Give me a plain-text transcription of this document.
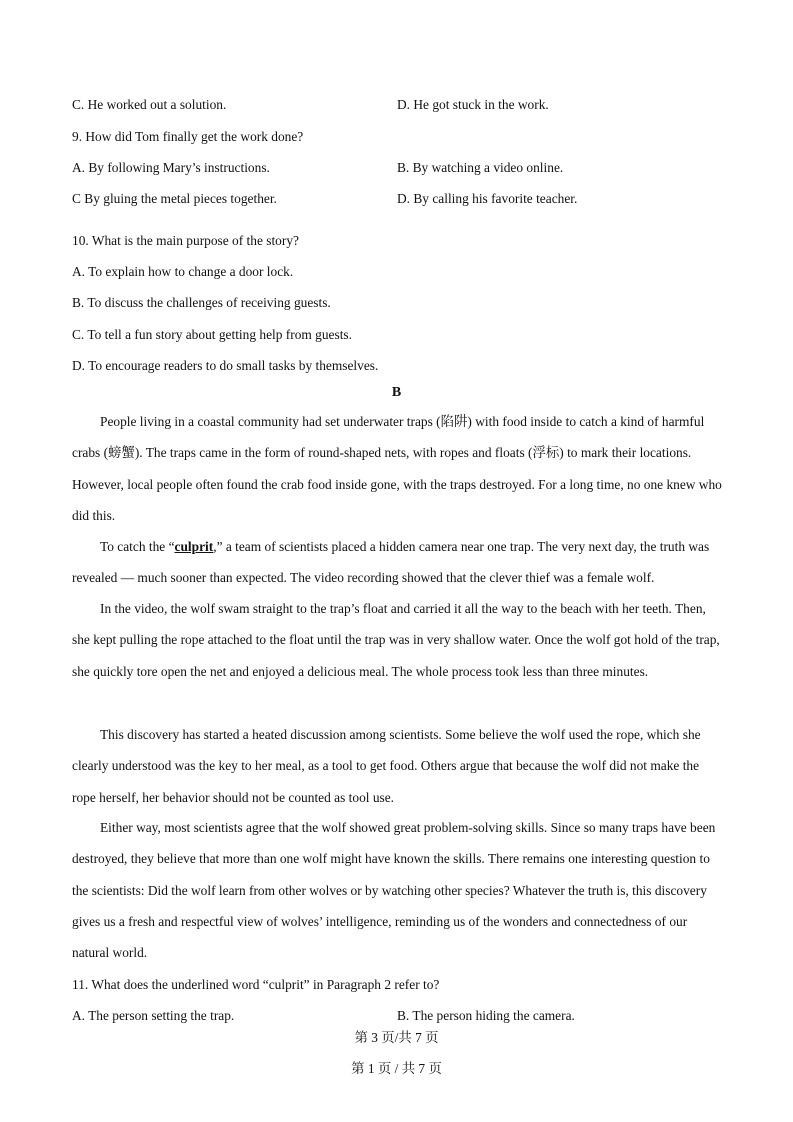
C. He worked out a solution.	D. He got stuck in the work.
9. How did Tom finally get the work done?
A. By following Mary’s instructions.	B. By watching a video online.
C By gluing the metal pieces together.	D. By calling his favorite teacher.
10. What is the main purpose of the story?
A. To explain how to change a door lock.
B. To discuss the challenges of receiving guests.
C. To tell a fun story about getting help from guests.
D. To encourage readers to do small tasks by themselves.
B
People living in a coastal community had set underwater traps (陷阱) with food inside to catch a kind of harmful crabs (螃蟹). The traps came in the form of round-shaped nets, with ropes and floats (浮标) to mark their locations. However, local people often found the crab food inside gone, with the traps destroyed. For a long time, no one knew who did this.
To catch the “culprit,” a team of scientists placed a hidden camera near one trap. The very next day, the truth was revealed — much sooner than expected. The video recording showed that the clever thief was a female wolf.
In the video, the wolf swam straight to the trap’s float and carried it all the way to the beach with her teeth. Then, she kept pulling the rope attached to the float until the trap was in very shallow water. Once the wolf got hold of the trap, she quickly tore open the net and enjoyed a delicious meal. The whole process took less than three minutes.
This discovery has started a heated discussion among scientists. Some believe the wolf used the rope, which she clearly understood was the key to her meal, as a tool to get food. Others argue that because the wolf did not make the rope herself, her behavior should not be counted as tool use.
Either way, most scientists agree that the wolf showed great problem-solving skills. Since so many traps have been destroyed, they believe that more than one wolf might have known the skills. There remains one interesting question to the scientists: Did the wolf learn from other wolves or by watching other species? Whatever the truth is, this discovery gives us a fresh and respectful view of wolves’ intelligence, reminding us of the wonders and connectedness of our natural world.
11. What does the underlined word “culprit” in Paragraph 2 refer to?
A. The person setting the trap.	B. The person hiding the camera.
第 3 页/共 7 页
第 1 页 / 共 7 页
